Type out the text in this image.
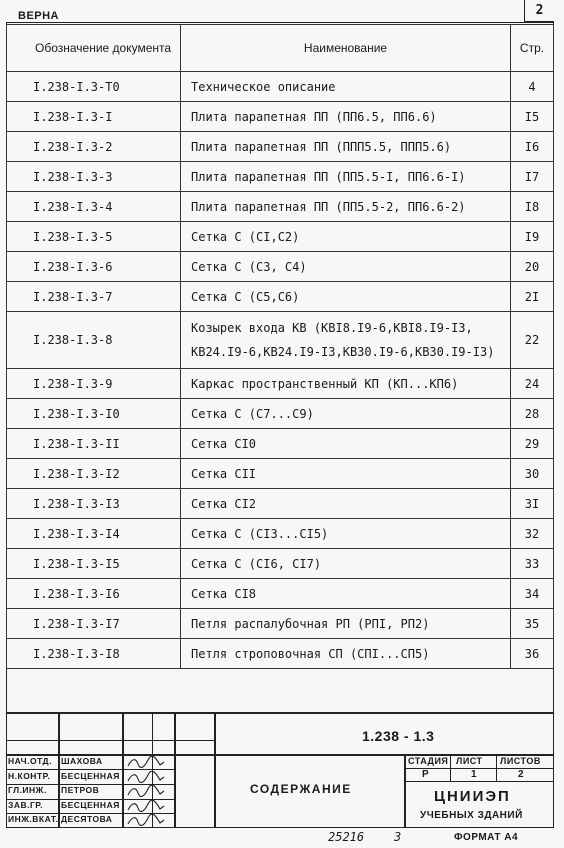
ВЕРНА	2
Обозначение документа	Наименование	Стр.
I.238-I.3-Т0	Техническое описание	4
I.238-I.3-I	Плита парапетная ПП (ПП6.5, ПП6.6)	I5
I.238-I.3-2	Плита парапетная ПП (ППП5.5, ППП5.6)	I6
I.238-I.3-3	Плита парапетная ПП (ПП5.5-I, ПП6.6-I)	I7
I.238-I.3-4	Плита парапетная ПП (ПП5.5-2, ПП6.6-2)	I8
I.238-I.3-5	Сетка С (СI,С2)	I9
I.238-I.3-6	Сетка С (С3, С4)	20
I.238-I.3-7	Сетка С (С5,С6)	2I
I.238-I.3-8	Козырек входа КВ (КВI8.I9-6,КВI8.I9-I3,
КВ24.I9-6,КВ24.I9-I3,КВ30.I9-6,КВ30.I9-I3)	22
I.238-I.3-9	Каркас пространственный КП (КП...КП6)	24
I.238-I.3-I0	Сетка С (С7...С9)	28
I.238-I.3-II	Сетка СI0	29
I.238-I.3-I2	Сетка СII	30
I.238-I.3-I3	Сетка СI2	3I
I.238-I.3-I4	Сетка С (СI3...СI5)	32
I.238-I.3-I5	Сетка С (СI6, СI7)	33
I.238-I.3-I6	Сетка СI8	34
I.238-I.3-I7	Петля распалубочная РП (РПI, РП2)	35
I.238-I.3-I8	Петля строповочная СП (СПI...СП5)	36
1.238 - 1.3
СОДЕРЖАНИЕ
СТАДИЯ ЛИСТ ЛИСТОВ
Р	1	2
ЦНИИЭП
УЧЕБНЫХ ЗДАНИЙ
НАЧ.ОТД. ШАХОВА
Н.КОНТР. БЕСЦЕННАЯ
ГЛ.ИНЖ. ПЕТРОВ
ЗАВ.ГР. БЕСЦЕННАЯ
ИНЖ.ВКАТ. ДЕСЯТОВА
25216 3	ФОРМАТ А4
